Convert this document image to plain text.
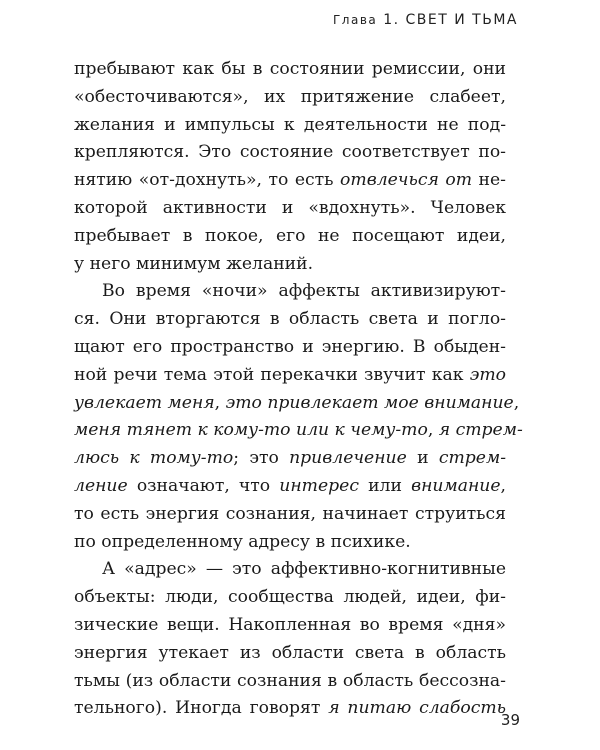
Глава 1. СВЕТ И ТЬМА
пребывают как бы в состоянии ремиссии, они
«обесточиваются», их притяжение слабеет,
желания и импульсы к деятельности не под-
крепляются. Это состояние соответствует по-
нятию «от-дохнуть», то есть отвлечься от не-
которой активности и «вдохнуть». Человек
пребывает в покое, его не посещают идеи,
у него минимум желаний.
Во время «ночи» аффекты активизируют-
ся. Они вторгаются в область света и погло-
щают его пространство и энергию. В обыден-
ной речи тема этой перекачки звучит как это
увлекает меня, это привлекает мое внимание,
меня тянет к кому-то или к чему-то, я стрем-
люсь к тому-то; это привлечение и стрем-
ление означают, что интерес или внимание,
то есть энергия сознания, начинает струиться
по определенному адресу в психике.
А «адрес» — это аффективно-когнитивные
объекты: люди, сообщества людей, идеи, фи-
зические вещи. Накопленная во время «дня»
энергия утекает из области света в область
тьмы (из области сознания в область бессозна-
тельного). Иногда говорят я питаю слабость
39
